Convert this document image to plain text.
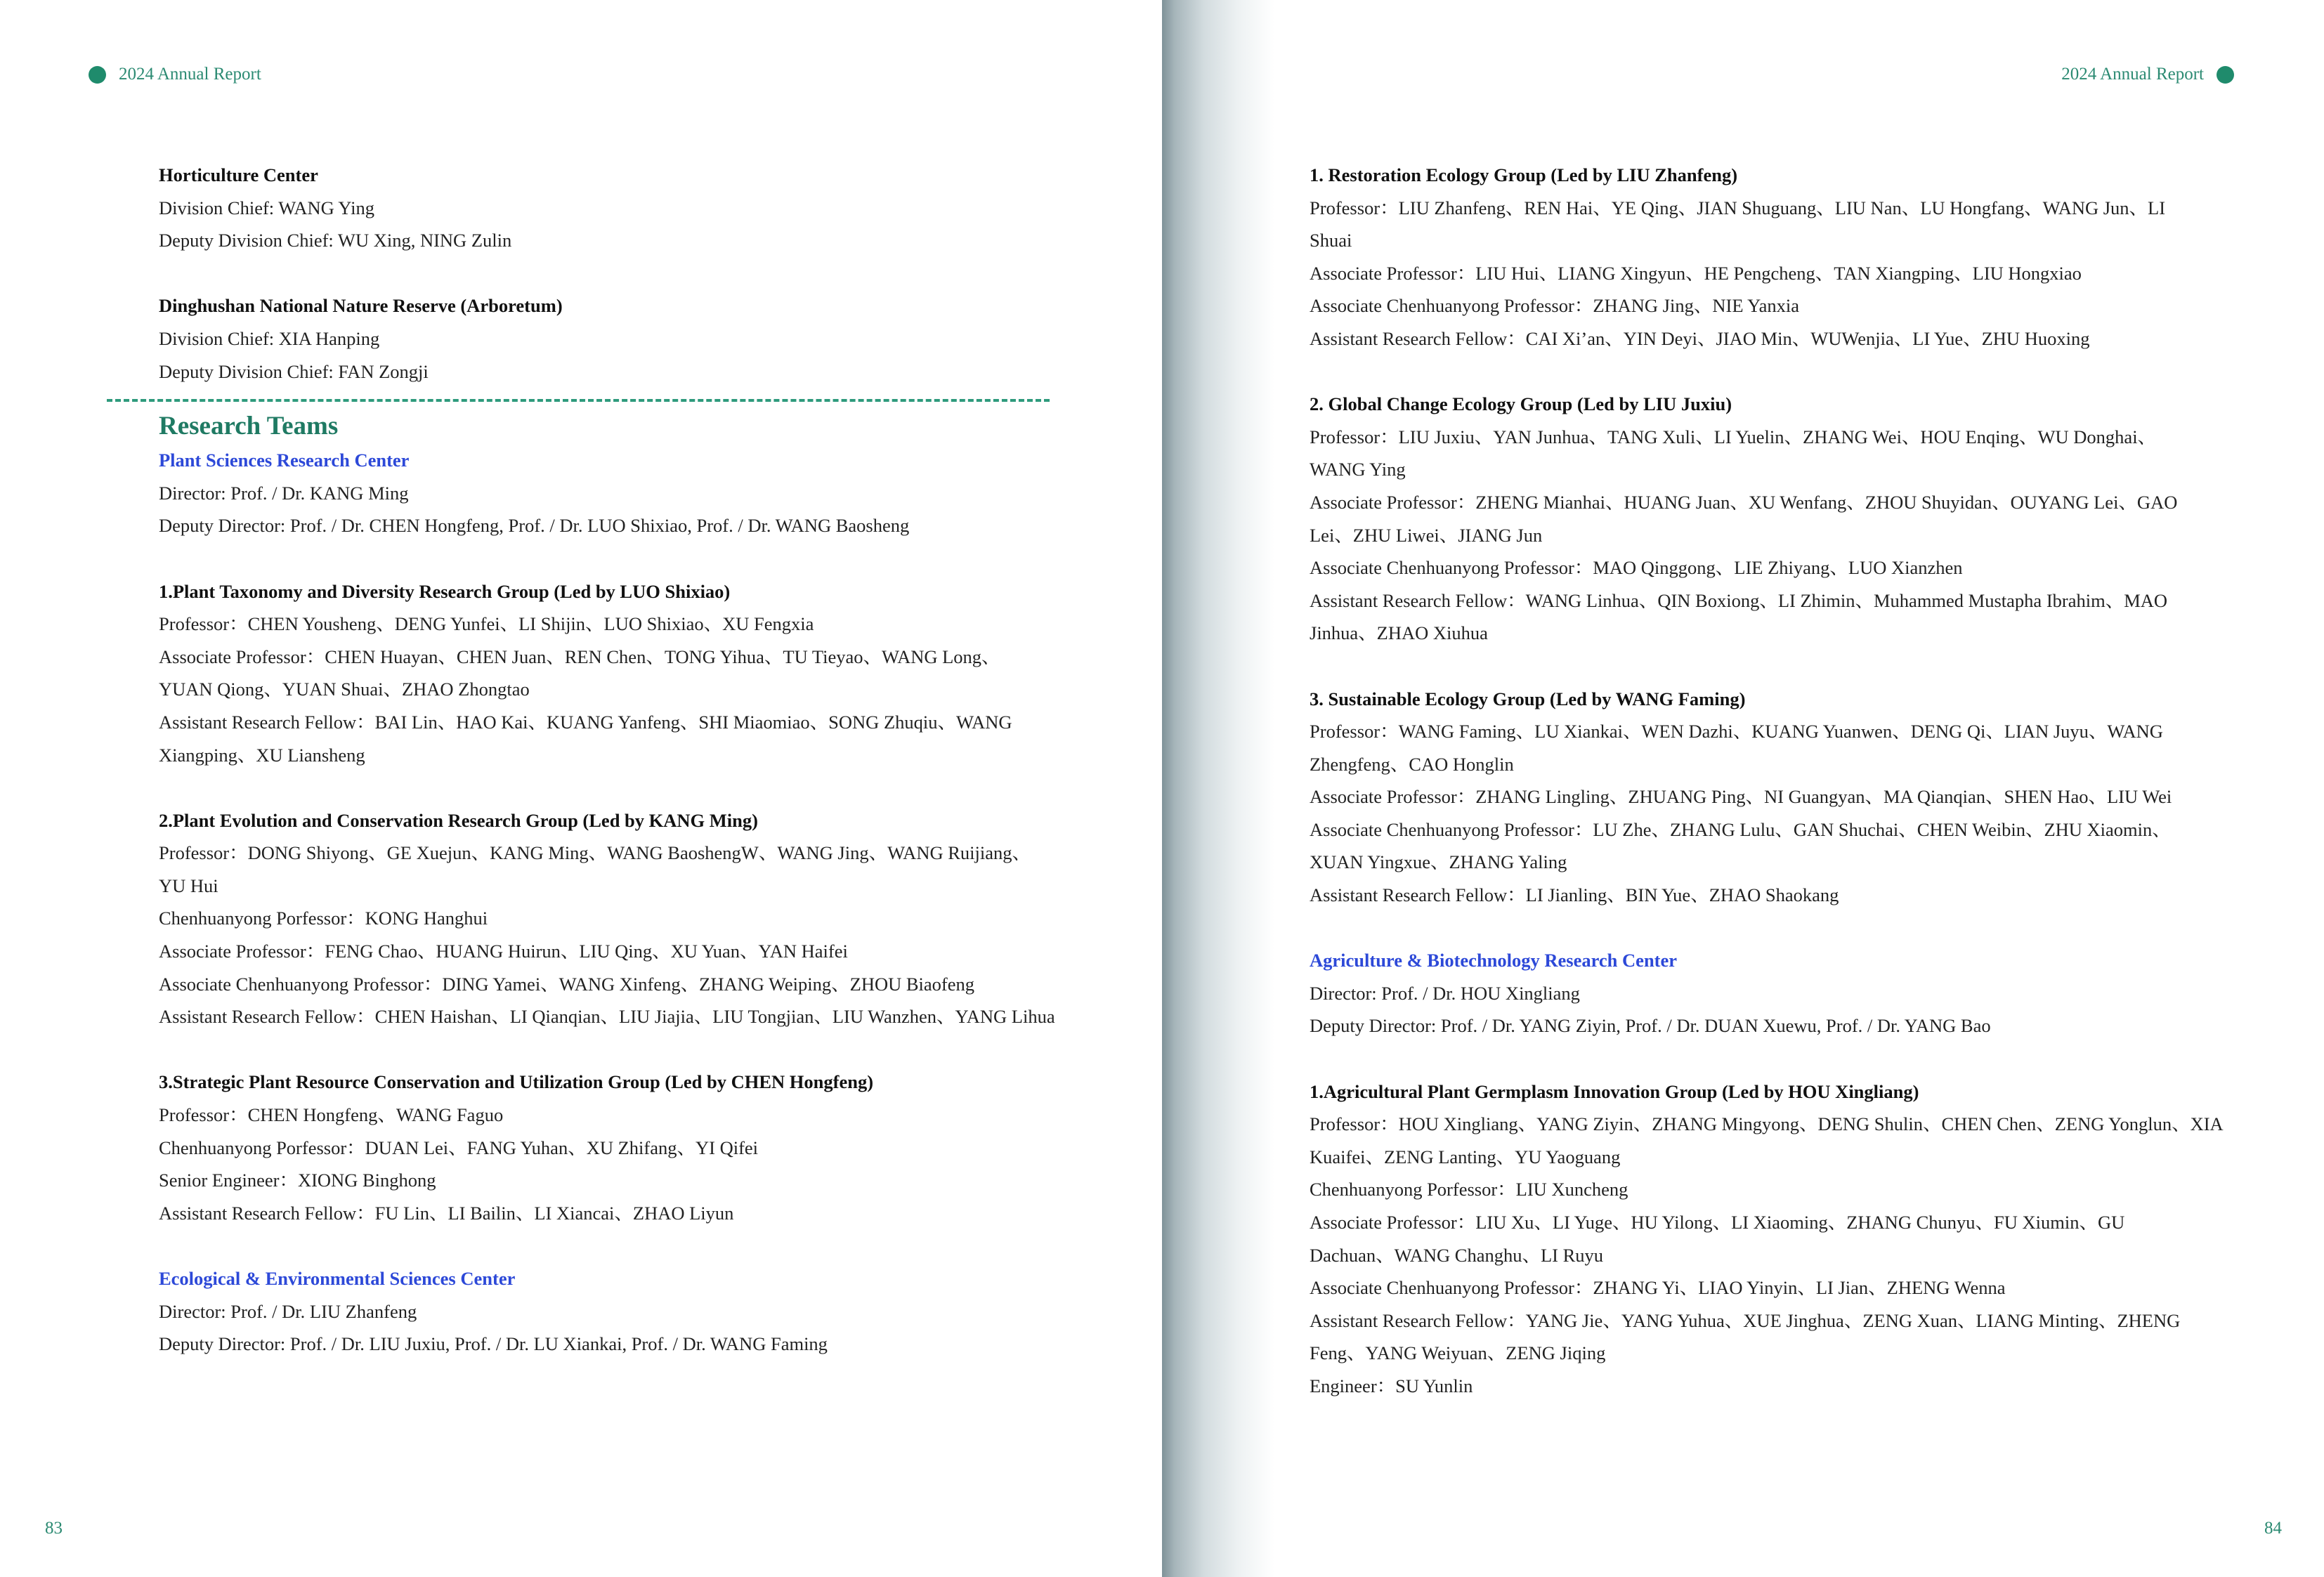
2024 Annual Report
Horticulture Center
Division Chief: WANG Ying
Deputy Division Chief: WU Xing, NING Zulin
Dinghushan National Nature Reserve (Arboretum)
Division Chief: XIA Hanping
Deputy Division Chief: FAN Zongji
Research Teams
Plant Sciences Research Center
Director: Prof. / Dr. KANG Ming
Deputy Director: Prof. / Dr. CHEN Hongfeng, Prof. / Dr. LUO Shixiao, Prof. / Dr. WANG Baosheng
1.Plant Taxonomy and Diversity Research Group (Led by LUO Shixiao)
Professor：CHEN Yousheng、DENG Yunfei、LI Shijin、LUO Shixiao、XU Fengxia
Associate Professor：CHEN Huayan、CHEN Juan、REN Chen、TONG Yihua、TU Tieyao、WANG Long、
YUAN Qiong、YUAN Shuai、ZHAO Zhongtao
Assistant Research Fellow：BAI Lin、HAO Kai、KUANG Yanfeng、SHI Miaomiao、SONG Zhuqiu、WANG
Xiangping、XU Liansheng
2.Plant Evolution and Conservation Research Group (Led by KANG Ming)
Professor：DONG Shiyong、GE Xuejun、KANG Ming、WANG BaoshengW、WANG Jing、WANG Ruijiang、
YU Hui
Chenhuanyong Porfessor：KONG Hanghui
Associate Professor：FENG Chao、HUANG Huirun、LIU Qing、XU Yuan、YAN Haifei
Associate Chenhuanyong Professor：DING Yamei、WANG Xinfeng、ZHANG Weiping、ZHOU Biaofeng
Assistant Research Fellow：CHEN Haishan、LI Qianqian、LIU Jiajia、LIU Tongjian、LIU Wanzhen、YANG Lihua
3.Strategic Plant Resource Conservation and Utilization Group (Led by CHEN Hongfeng)
Professor：CHEN Hongfeng、WANG Faguo
Chenhuanyong Porfessor：DUAN Lei、FANG Yuhan、XU Zhifang、YI Qifei
Senior Engineer：XIONG Binghong
Assistant Research Fellow：FU Lin、LI Bailin、LI Xiancai、ZHAO Liyun
Ecological & Environmental Sciences Center
Director: Prof. / Dr. LIU Zhanfeng
Deputy Director: Prof. / Dr. LIU Juxiu, Prof. / Dr. LU Xiankai, Prof. / Dr. WANG Faming
83
2024 Annual Report
1. Restoration Ecology Group (Led by LIU Zhanfeng)
Professor：LIU Zhanfeng、REN Hai、YE Qing、JIAN Shuguang、LIU Nan、LU Hongfang、WANG Jun、LI
Shuai
Associate Professor：LIU Hui、LIANG Xingyun、HE Pengcheng、TAN Xiangping、LIU Hongxiao
Associate Chenhuanyong Professor：ZHANG Jing、NIE Yanxia
Assistant Research Fellow：CAI Xi’an、YIN Deyi、JIAO Min、WUWenjia、LI Yue、ZHU Huoxing
2. Global Change Ecology Group (Led by LIU Juxiu)
Professor：LIU Juxiu、YAN Junhua、TANG Xuli、LI Yuelin、ZHANG Wei、HOU Enqing、WU Donghai、
WANG Ying
Associate Professor：ZHENG Mianhai、HUANG Juan、XU Wenfang、ZHOU Shuyidan、OUYANG Lei、GAO
Lei、ZHU Liwei、JIANG Jun
Associate Chenhuanyong Professor：MAO Qinggong、LIE Zhiyang、LUO Xianzhen
Assistant Research Fellow：WANG Linhua、QIN Boxiong、LI Zhimin、Muhammed Mustapha Ibrahim、MAO
Jinhua、ZHAO Xiuhua
3. Sustainable Ecology Group (Led by WANG Faming)
Professor：WANG Faming、LU Xiankai、WEN Dazhi、KUANG Yuanwen、DENG Qi、LIAN Juyu、WANG
Zhengfeng、CAO Honglin
Associate Professor：ZHANG Lingling、ZHUANG Ping、NI Guangyan、MA Qianqian、SHEN Hao、LIU Wei
Associate Chenhuanyong Professor：LU Zhe、ZHANG Lulu、GAN Shuchai、CHEN Weibin、ZHU Xiaomin、
XUAN Yingxue、ZHANG Yaling
Assistant Research Fellow：LI Jianling、BIN Yue、ZHAO Shaokang
Agriculture & Biotechnology Research Center
Director: Prof. / Dr. HOU Xingliang
Deputy Director: Prof. / Dr. YANG Ziyin, Prof. / Dr. DUAN Xuewu, Prof. / Dr. YANG Bao
1.Agricultural Plant Germplasm Innovation Group (Led by HOU Xingliang)
Professor：HOU Xingliang、YANG Ziyin、ZHANG Mingyong、DENG Shulin、CHEN Chen、ZENG Yonglun、XIA
Kuaifei、ZENG Lanting、YU Yaoguang
Chenhuanyong Porfessor：LIU Xuncheng
Associate Professor：LIU Xu、LI Yuge、HU Yilong、LI Xiaoming、ZHANG Chunyu、FU Xiumin、GU
Dachuan、WANG Changhu、LI Ruyu
Associate Chenhuanyong Professor：ZHANG Yi、LIAO Yinyin、LI Jian、ZHENG Wenna
Assistant Research Fellow：YANG Jie、YANG Yuhua、XUE Jinghua、ZENG Xuan、LIANG Minting、ZHENG
Feng、YANG Weiyuan、ZENG Jiqing
Engineer：SU Yunlin
84
